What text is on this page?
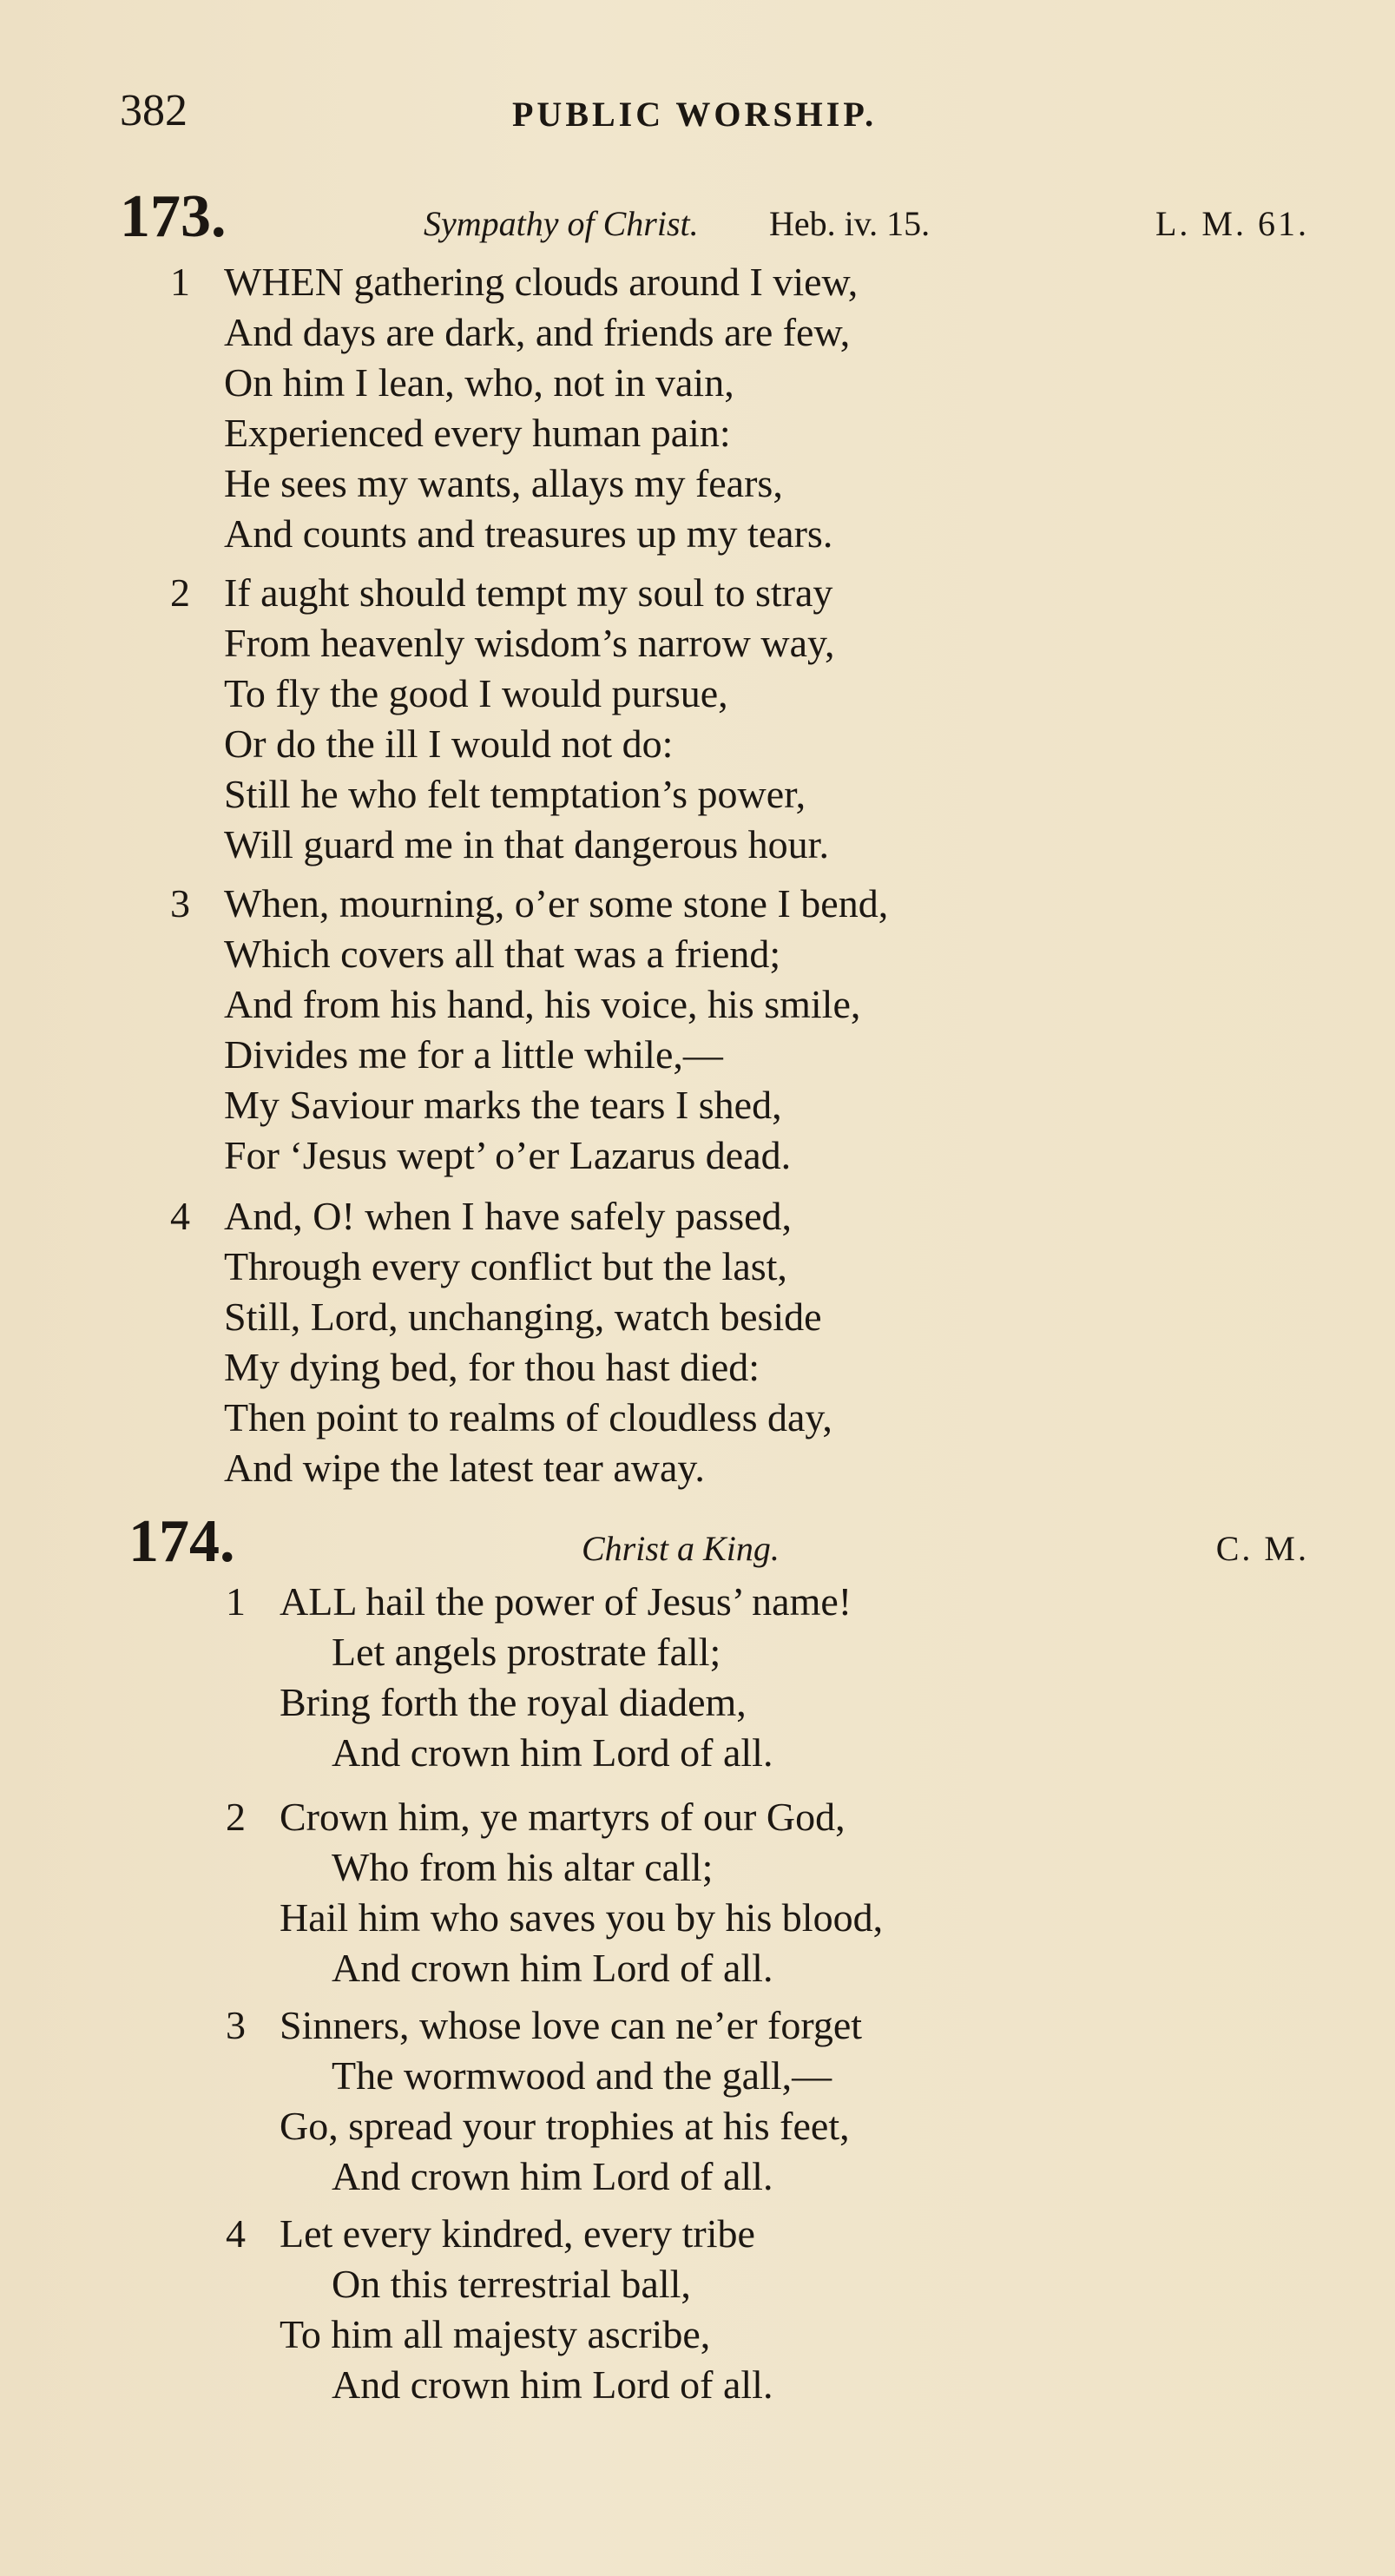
382	PUBLIC WORSHIP.
173.	Sympathy of Christ. Heb. iv. 15.	L. M. 61.
1 WHEN gathering clouds around I view,
And days are dark, and friends are few,
On him I lean, who, not in vain,
Experienced every human pain:
He sees my wants, allays my fears,
And counts and treasures up my tears.
2 If aught should tempt my soul to stray
From heavenly wisdom’s narrow way,
To fly the good I would pursue,
Or do the ill I would not do:
Still he who felt temptation’s power,
Will guard me in that dangerous hour.
3 When, mourning, o’er some stone I bend,
Which covers all that was a friend;
And from his hand, his voice, his smile,
Divides me for a little while,—
My Saviour marks the tears I shed,
For ‘Jesus wept’ o’er Lazarus dead.
4 And, O! when I have safely passed,
Through every conflict but the last,
Still, Lord, unchanging, watch beside
My dying bed, for thou hast died:
Then point to realms of cloudless day,
And wipe the latest tear away.
174.	Christ a King.	C. M.
1 ALL hail the power of Jesus’ name!
Let angels prostrate fall;
Bring forth the royal diadem,
And crown him Lord of all.
2 Crown him, ye martyrs of our God,
Who from his altar call;
Hail him who saves you by his blood,
And crown him Lord of all.
3 Sinners, whose love can ne’er forget
The wormwood and the gall,—
Go, spread your trophies at his feet,
And crown him Lord of all.
4 Let every kindred, every tribe
On this terrestrial ball,
To him all majesty ascribe,
And crown him Lord of all.
